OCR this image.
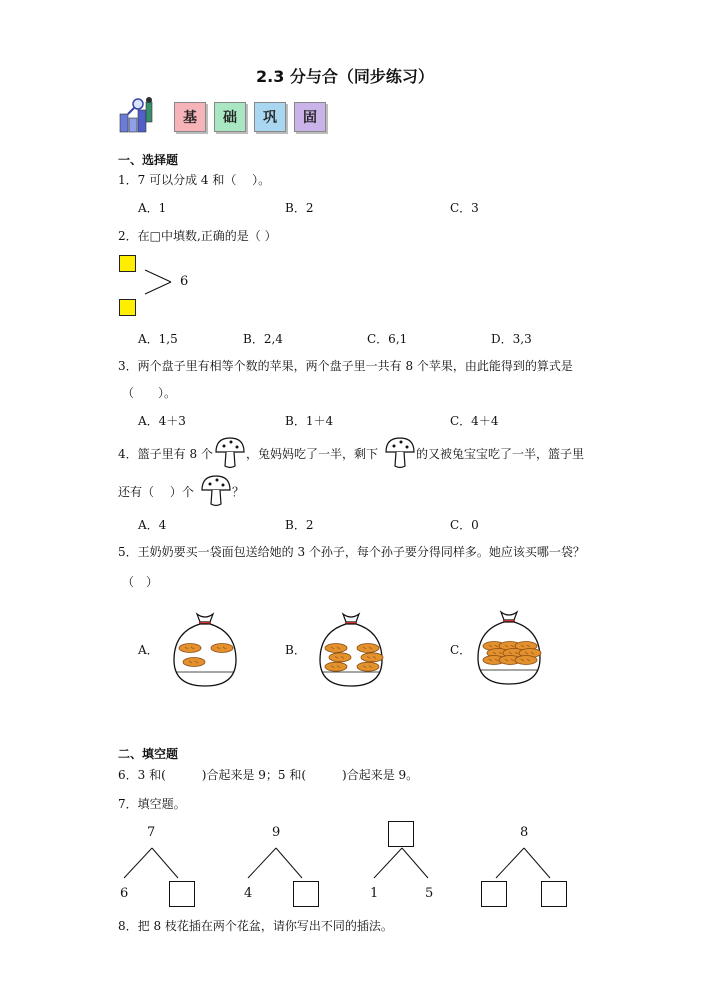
2.3 分与合（同步练习）
基	础	巩	固
一、选择题
1．7 可以分成 4 和（　 ）。
A．1	B．2	C．3
2．在□中填数,正确的是（ ）
6
A．1,5	B．2,4	C．6,1	D．3,3
3．两个盘子里有相等个数的苹果，两个盘子里一共有 8 个苹果，由此能得到的算式是
（　　）。
A．4＋3	B．1＋4	C．4＋4
4．篮子里有 8 个	，兔妈妈吃了一半，剩下	的又被兔宝宝吃了一半，篮子里
还有（　 ）个	？
A．4	B．2	C．0
5．王奶奶要买一袋面包送给她的 3 个孙子，每个孙子要分得同样多。她应该买哪一袋？
（　）
A．	B．	C．
二、填空题
6．3 和(　　　)合起来是 9；5 和(　　　)合起来是 9。
7．填空题。
7
6
9
4	1	5
8
8．把 8 枝花插在两个花盆，请你写出不同的插法。
